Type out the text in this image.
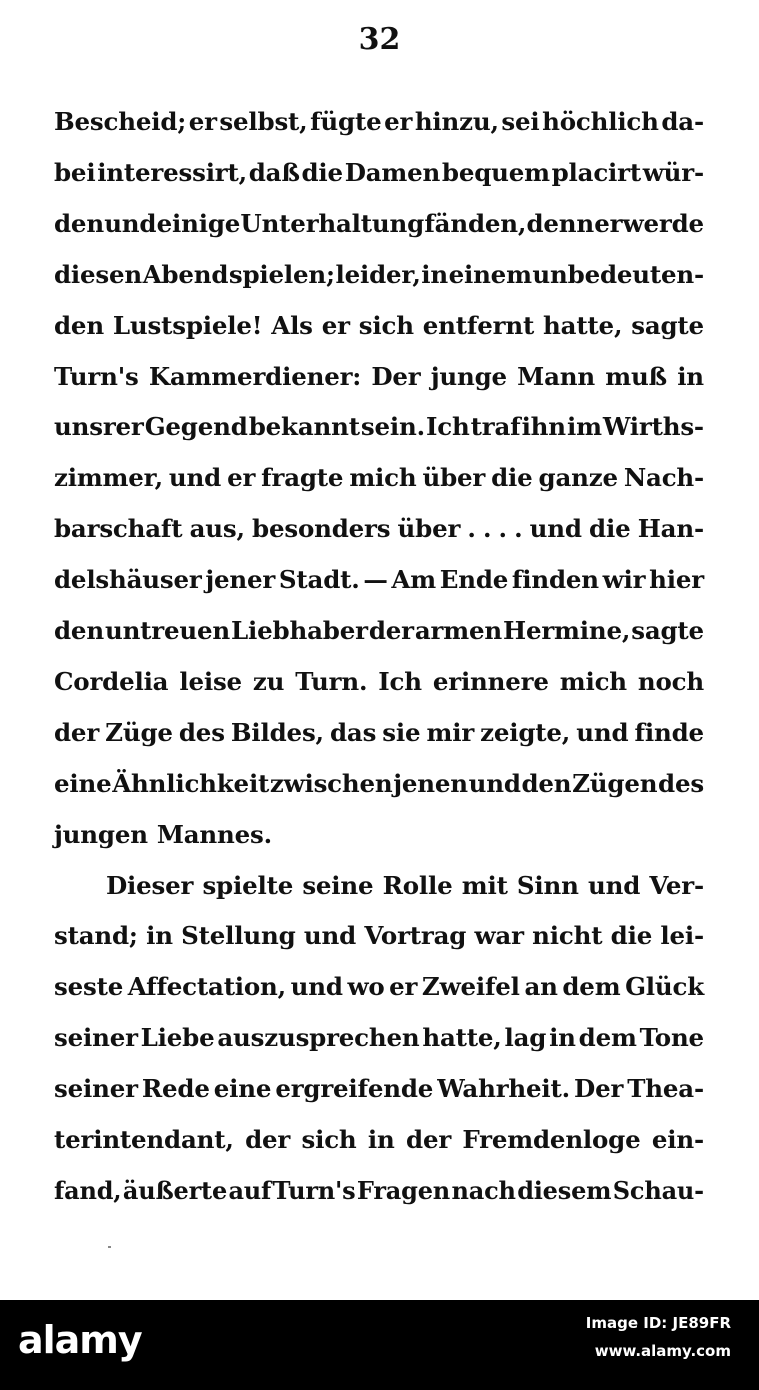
32
Bescheid; er selbst, fügte er hinzu, sei höchlich da-
bei interessirt, daß die Damen bequem placirt wür-
den und einige Unterhaltung fänden, denn er werde
diesen Abend spielen; leider, in einem unbedeuten-
den Lustspiele! Als er sich entfernt hatte, sagte
Turn's Kammerdiener: Der junge Mann muß in
unsrer Gegend bekannt sein. Ich traf ihn im Wirths-
zimmer, und er fragte mich über die ganze Nach-
barschaft aus, besonders über . . . . und die Han-
delshäuser jener Stadt. — Am Ende finden wir hier
den untreuen Liebhaber der armen Hermine, sagte
Cordelia leise zu Turn. Ich erinnere mich noch
der Züge des Bildes, das sie mir zeigte, und finde
eine Ähnlichkeit zwischen jenen und den Zügen des
jungen Mannes.
Dieser spielte seine Rolle mit Sinn und Ver-
stand; in Stellung und Vortrag war nicht die lei-
seste Affectation, und wo er Zweifel an dem Glück
seiner Liebe auszusprechen hatte, lag in dem Tone
seiner Rede eine ergreifende Wahrheit. Der Thea-
terintendant, der sich in der Fremdenloge ein-
fand, äußerte auf Turn's Fragen nach diesem Schau-
alamy	Image ID: JE89FR
www.alamy.com
